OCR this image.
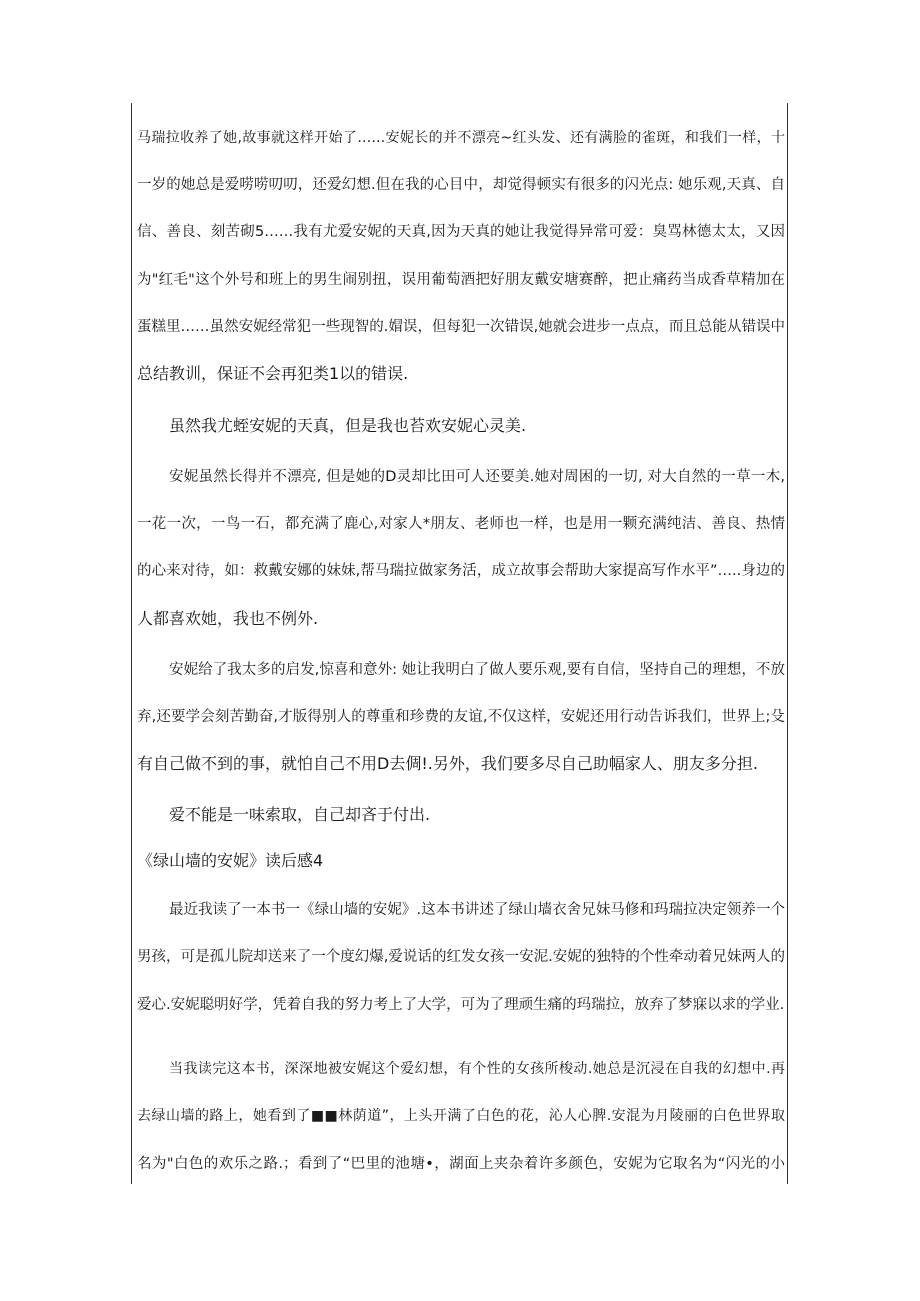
马瑞拉收养了她,故事就这样开始了……安妮长的并不漂亮~红头发、还有满脸的雀斑，和我们一样，十
一岁的她总是爱唠唠叨叨，还爱幻想.但在我的心目中，却觉得顿实有很多的闪光点: 她乐观,天真、自
信、善良、刻苦砌5……我有尤爱安妮的天真,因为天真的她让我觉得异常可爱：臭骂林德太太，又因
为"红毛"这个外号和班上的男生闹别扭，误用葡萄酒把好朋友戴安塘赛醉，把止痛药当成香草精加在
蛋糕里……虽然安妮经常犯一些现智的.媢误，但每犯一次错误,她就会进步一点点，而且总能从错误中
总结教训，保证不会再犯类1以的错误.
虽然我尤蛭安妮的天真，但是我也苔欢安妮心灵美.
安妮虽然长得并不漂亮, 但是她的D灵却比田可人还要美.她对周困的一切, 对大自然的一草一木,
一花一次，一鸟一石，都充满了鹿心,对家人*朋友、老师也一样，也是用一颗充满纯洁、善良、热情
的心来对待，如：救戴安娜的妹妹,帮马瑞拉做家务活，成立故事会帮助大家提高写作水平”…..身边的
人都喜欢她，我也不例外.
安妮给了我太多的启发,惊喜和意外: 她让我明白了做人要乐观,要有自信，坚持自己的理想，不放
弃,还要学会刻苦勤奋,才版得别人的尊重和珍费的友谊,不仅这样，安妮还用行动告诉我们，世界上;殳
有自己做不到的事，就怕自己不用D去倜!.另外，我们要多尽自己助幅家人、朋友多分担.
爱不能是一味索取，自己却吝于付出.
《绿山墙的安妮》读后感4
最近我读了一本书一《绿山墙的安妮》.这本书讲述了绿山墙衣舍兄妹马修和玛瑞拉决定领养一个
男孩，可是孤儿院却送来了一个度幻爆,爱说话的红发女孩一安泥.安妮的独特的个性牵动着兄妹两人的
爱心.安妮聪明好学，凭着自我的努力考上了大学，可为了理顽生痛的玛瑞拉，放弃了梦寐以求的学业.
当我读完这本书，深深地被安娓这个爱幻想，有个性的女孩所梭动.她总是沉浸在自我的幻想中.再
去绿山墙的路上，她看到了■■林荫道”，上头开满了白色的花，沁人心脾.安混为月陵丽的白色世界取
名为"白色的欢乐之路.；看到了“巴里的池塘•，湖面上夹杂着许多颜色，安妮为它取名为“闪光的小
